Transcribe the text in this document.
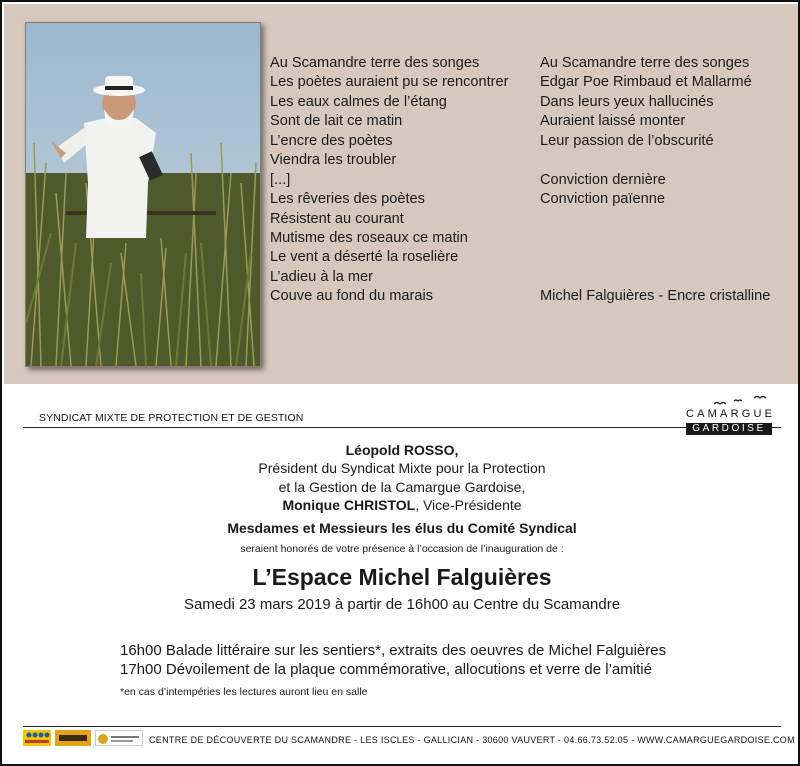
Au Scamandre terre des songes
Les poètes auraient pu se rencontrer
Les eaux calmes de l’étang
Sont de lait ce matin
L’encre des poètes
Viendra les troubler
[...]
Les rêveries des poètes
Résistent au courant
Mutisme des roseaux ce matin
Le vent a déserté la roselière
L’adieu à la mer
Couve au fond du marais
Au Scamandre terre des songes
Edgar Poe Rimbaud et Mallarmé
Dans leurs yeux hallucinés
Auraient laissé monter
Leur passion de l’obscurité
Conviction dernière
Conviction païenne
Michel Falguières - Encre cristalline
SYNDICAT MIXTE DE PROTECTION ET DE GESTION	CAMARGUE
GARDOISE
Léopold ROSSO,
Président du Syndicat Mixte pour la Protection
et la Gestion de la Camargue Gardoise,
Monique CHRISTOL, Vice-Présidente
Mesdames et Messieurs les élus du Comité Syndical
seraient honorés de votre présence à l’occasion de l’inauguration de :
L’Espace Michel Falguières
Samedi 23 mars 2019 à partir de 16h00 au Centre du Scamandre
16h00 Balade littéraire sur les sentiers*, extraits des oeuvres de Michel Falguières
17h00 Dévoilement de la plaque commémorative, allocutions et verre de l’amitié
*en cas d’intempéries les lectures auront lieu en salle
CENTRE DE DÉCOUVERTE DU SCAMANDRE - LES ISCLES - GALLICIAN - 30600 VAUVERT - 04.66.73.52.05 - WWW.CAMARGUEGARDOISE.COM
